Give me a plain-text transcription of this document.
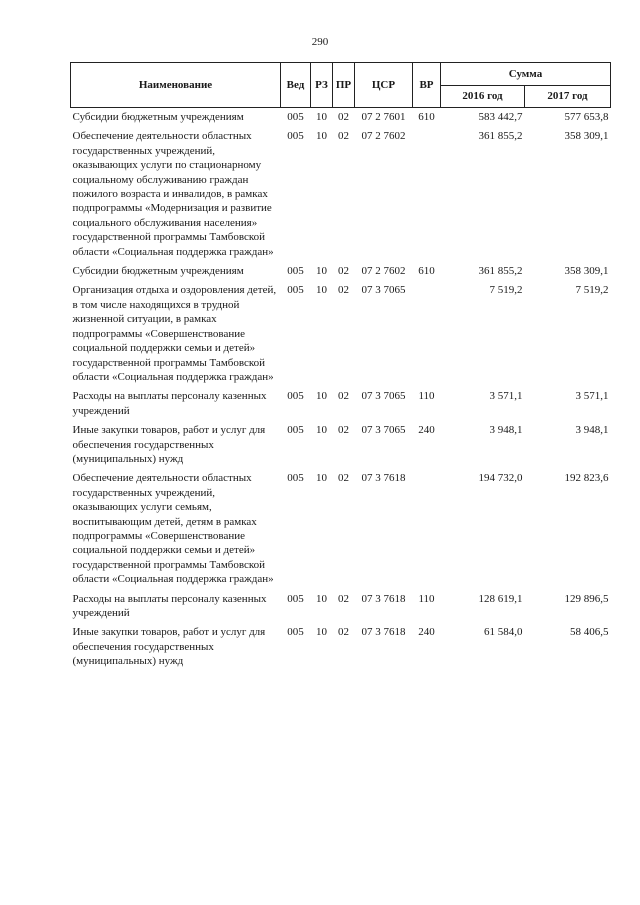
290
Наименование	Вед	РЗ	ПР	ЦСР	ВР	Сумма	
						2016 год	2017 год
Субсидии бюджетным учреждениям	005	10	02	07 2 7601	610	583 442,7	577 653,8
Обеспечение деятельности областных государственных учреждений, оказывающих услуги по стационарному социальному обслуживанию граждан пожилого возраста и инвалидов, в рамках подпрограммы «Модернизация и развитие социального обслуживания населения» государственной программы Тамбовской области «Социальная поддержка граждан»	005	10	02	07 2 7602		361 855,2	358 309,1
Субсидии бюджетным учреждениям	005	10	02	07 2 7602	610	361 855,2	358 309,1
Организация отдыха и оздоровления детей, в том числе находящихся в трудной жизненной ситуации, в рамках подпрограммы «Совершенствование социальной поддержки семьи и детей» государственной программы Тамбовской области «Социальная поддержка граждан»	005	10	02	07 3 7065		7 519,2	7 519,2
Расходы на выплаты персоналу казенных учреждений	005	10	02	07 3 7065	110	3 571,1	3 571,1
Иные закупки товаров, работ и услуг для обеспечения государственных (муниципальных) нужд	005	10	02	07 3 7065	240	3 948,1	3 948,1
Обеспечение деятельности областных государственных учреждений, оказывающих услуги семьям, воспитывающим детей, детям в рамках подпрограммы «Совершенствование социальной поддержки семьи и детей» государственной программы Тамбовской области «Социальная поддержка граждан»	005	10	02	07 3 7618		194 732,0	192 823,6
Расходы на выплаты персоналу казенных учреждений	005	10	02	07 3 7618	110	128 619,1	129 896,5
Иные закупки товаров, работ и услуг для обеспечения государственных (муниципальных) нужд	005	10	02	07 3 7618	240	61 584,0	58 406,5
